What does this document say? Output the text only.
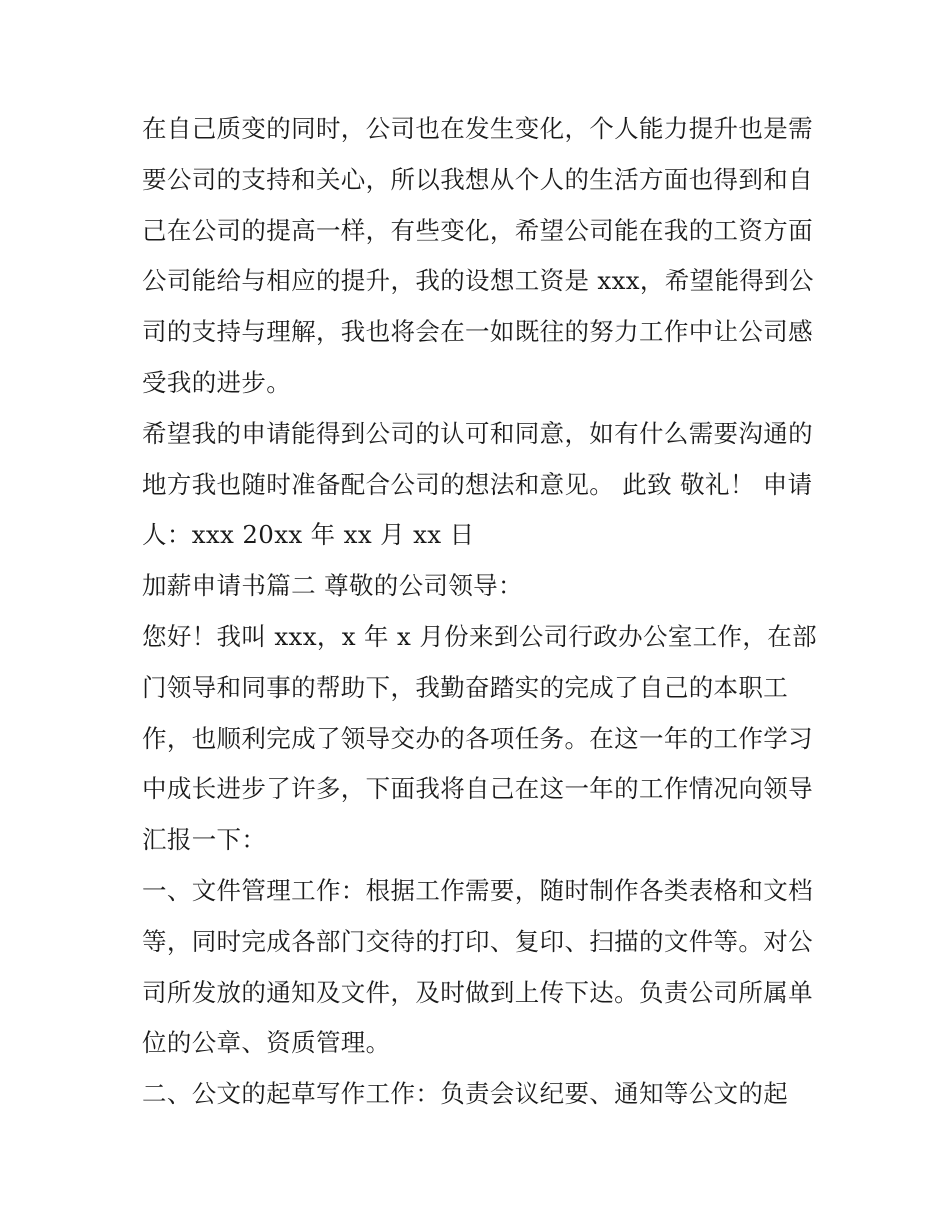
在自己质变的同时，公司也在发生变化，个人能力提升也是需
要公司的支持和关心，所以我想从个人的生活方面也得到和自
己在公司的提高一样，有些变化，希望公司能在我的工资方面
公司能给与相应的提升，我的设想工资是 xxx，希望能得到公
司的支持与理解，我也将会在一如既往的努力工作中让公司感
受我的进步。
希望我的申请能得到公司的认可和同意，如有什么需要沟通的
地方我也随时准备配合公司的想法和意见。 此致 敬礼！ 申请
人：xxx 20xx 年 xx 月 xx 日
加薪申请书篇二 尊敬的公司领导：
您好！我叫 xxx，x 年 x 月份来到公司行政办公室工作，在部
门领导和同事的帮助下，我勤奋踏实的完成了自己的本职工
作，也顺利完成了领导交办的各项任务。在这一年的工作学习
中成长进步了许多，下面我将自己在这一年的工作情况向领导
汇报一下：
一、文件管理工作：根据工作需要，随时制作各类表格和文档
等，同时完成各部门交待的打印、复印、扫描的文件等。对公
司所发放的通知及文件，及时做到上传下达。负责公司所属单
位的公章、资质管理。
二、公文的起草写作工作：负责会议纪要、通知等公文的起
